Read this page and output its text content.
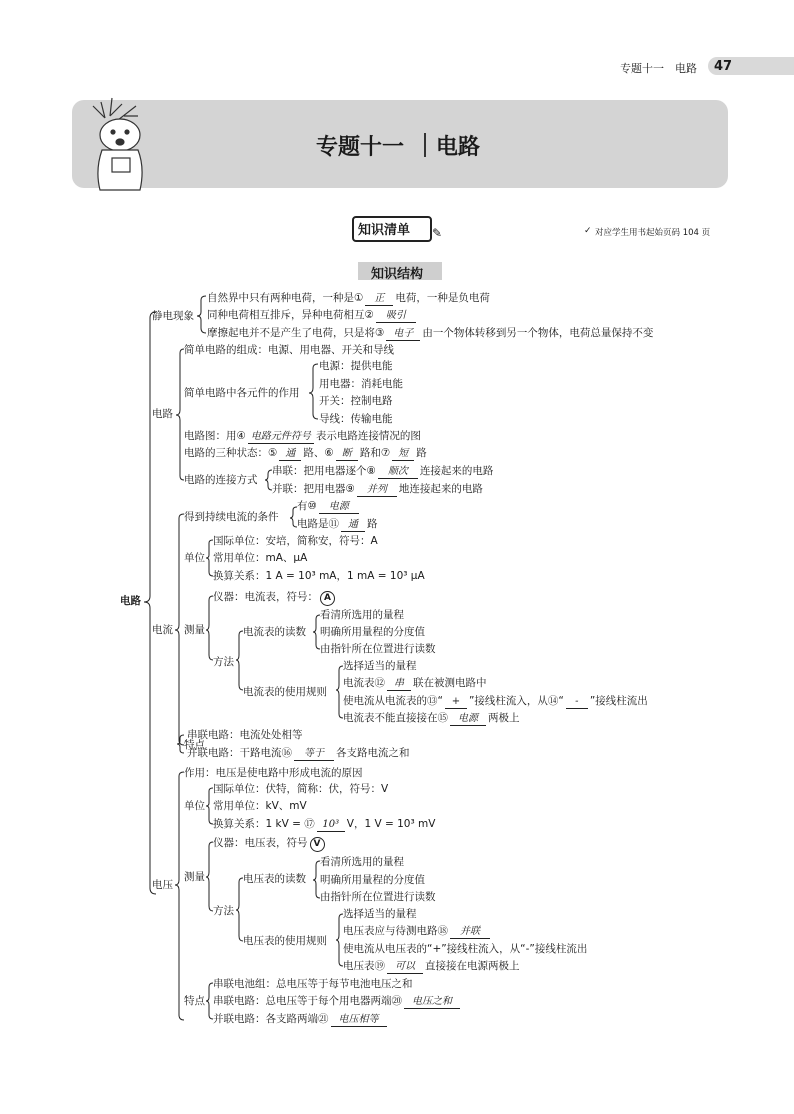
专题十一　电路 47
专题十一 电路
知识清单 ✎	✓ 对应学生用书起始页码 104 页
知识结构
电路
静电现象
自然界中只有两种电荷，一种是① 正 电荷，一种是负电荷
同种电荷相互排斥，异种电荷相互② 吸引
摩擦起电并不是产生了电荷，只是将③ 电子 由一个物体转移到另一个物体，电荷总量保持不变
电路
简单电路的组成：电源、用电器、开关和导线
简单电路中各元件的作用
电源：提供电能
用电器：消耗电能
开关：控制电路
导线：传输电能
电路图：用④ 电路元件符号 表示电路连接情况的图
电路的三种状态：⑤ 通 路、⑥ 断 路和⑦ 短 路
电路的连接方式
串联：把用电器逐个⑧ 顺次 连接起来的电路
并联：把用电器⑨ 并列 地连接起来的电路
电流
得到持续电流的条件
有⑩ 电源
电路是⑪ 通 路
单位
国际单位：安培，简称安，符号：A
常用单位：mA、μA
换算关系：1 A = 10³ mA，1 mA = 10³ μA
测量
仪器：电流表，符号： A
方法
电流表的读数
看清所选用的量程
明确所用量程的分度值
由指针所在位置进行读数
电流表的使用规则
选择适当的量程
电流表⑫ 串 联在被测电路中
使电流从电流表的⑬“ + ”接线柱流入，从⑭“ - ”接线柱流出
电流表不能直接接在⑮ 电源 两极上
特点
串联电路：电流处处相等
并联电路：干路电流⑯ 等于 各支路电流之和
电压
作用：电压是使电路中形成电流的原因
单位
国际单位：伏特，简称：伏，符号：V
常用单位：kV、mV
换算关系：1 kV = ⑰ 10³ V，1 V = 10³ mV
测量
仪器：电压表，符号 V
方法
电压表的读数
看清所选用的量程
明确所用量程的分度值
由指针所在位置进行读数
电压表的使用规则
选择适当的量程
电压表应与待测电路⑱ 并联
使电流从电压表的“+”接线柱流入，从“-”接线柱流出
电压表⑲ 可以 直接接在电源两极上
特点
串联电池组：总电压等于每节电池电压之和
串联电路：总电压等于每个用电器两端⑳ 电压之和
并联电路：各支路两端㉑ 电压相等
